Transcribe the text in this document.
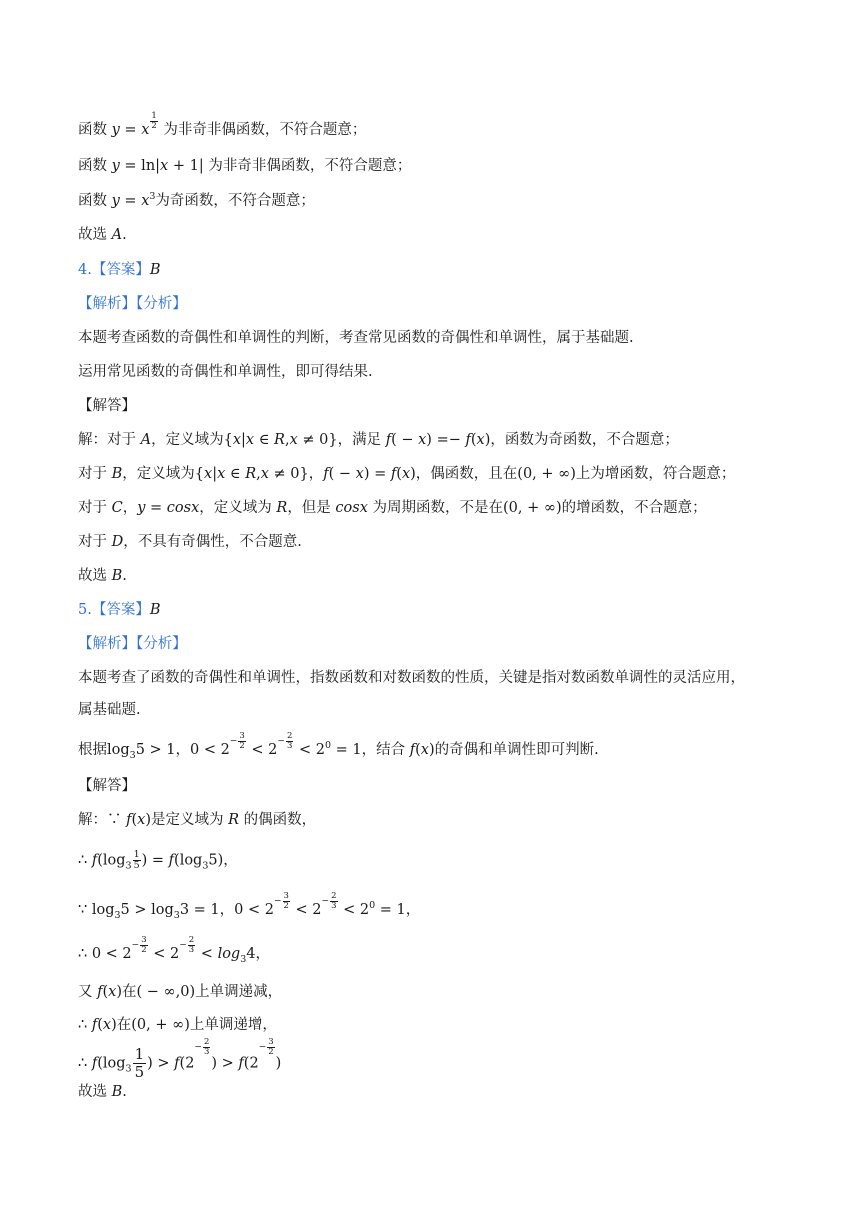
函数 y = x $\frac{1}{2}$ 为非奇非偶函数，不符合题意；
函数 y = ln|x + 1| 为非奇非偶函数，不符合题意；
函数 $y = x^3$为奇函数，不符合题意；
故选 A.
4.【答案】B
【解析】【分析】
本题考查函数的奇偶性和单调性的判断，考查常见函数的奇偶性和单调性，属于基础题.
运用常见函数的奇偶性和单调性，即可得结果.
【解答】
解：对于 A，定义域为{x|x ∈ R,x ≠ 0}，满足 f( − x) =− f(x)，函数为奇函数，不合题意；
对于 B，定义域为{x|x ∈ R,x ≠ 0}，f( − x) = f(x)，偶函数，且在(0, + ∞)上为增函数，符合题意；
对于 C，y = cosx，定义域为 R，但是 cosx 为周期函数，不是在(0, + ∞)的增函数，不合题意；
对于 D，不具有奇偶性，不合题意.
故选 B.
5.【答案】B
【解析】【分析】
本题考查了函数的奇偶性和单调性，指数函数和对数函数的性质，关键是指对数函数单调性的灵活应用，
属基础题.
根据$\log_35 > 1$，$0 < 2- \frac{3}{2} < 2- \frac{2}{3} < 2^0 = 1$，结合 f(x)的奇偶和单调性即可判断.
【解答】
解：∵ f(x)是定义域为 R 的偶函数，
∴ $f(\log_3 \frac{1}{5}$ ) = $f(\log_35)$，
∵ $\log_35 > \log_33 = 1$，$0 < 2- \frac{3}{2} < 2- \frac{2}{3} < 2^0 = 1$，
∴ $0 < 2- \frac{3}{2} < 2- \frac{2}{3} < \log_34$，
又 f(x)在( − ∞,0)上单调递减，
∴ f(x)在(0, + ∞)上单调递增，
∴ $f(\log_3 \frac{1}{5}$ ) > $f(2- \frac{2}{3}$
) > $f(2- \frac{3}{2}$
)
故选 B.
